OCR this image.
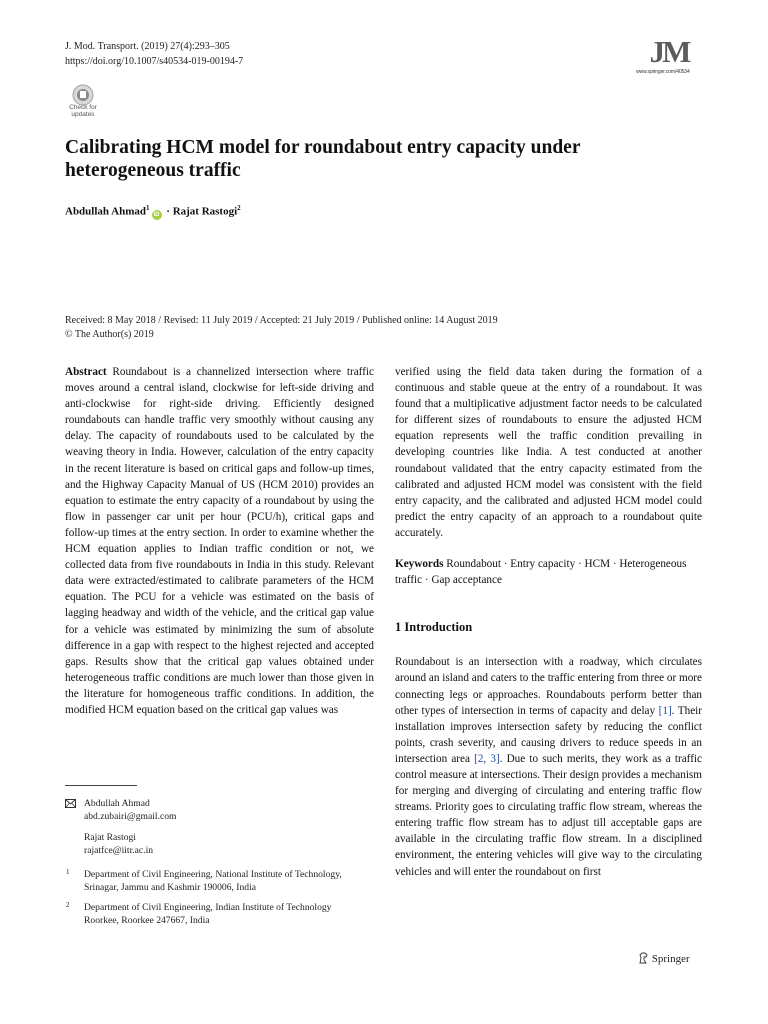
J. Mod. Transport. (2019) 27(4):293–305
https://doi.org/10.1007/s40534-019-00194-7	JM
www.springer.com/40534
Check for updates
Calibrating HCM model for roundabout entry capacity under heterogeneous traffic
Abdullah Ahmad$^1$iD · Rajat Rastogi$^2$
Received: 8 May 2018 / Revised: 11 July 2019 / Accepted: 21 July 2019 / Published online: 14 August 2019
© The Author(s) 2019

Abstract Roundabout is a channelized intersection where traffic moves around a central island, clockwise for left-side driving and anti-clockwise for right-side driving. Efficiently designed roundabouts can handle traffic very smoothly without causing any delay. The capacity of roundabouts used to be calculated by the weaving theory in India. However, calculation of the entry capacity in the recent literature is based on critical gaps and follow-up times, and the Highway Capacity Manual of US (HCM 2010) provides an equation to estimate the entry capacity of a roundabout by using the flow in passenger car unit per hour (PCU/h), critical gaps and follow-up times at the entry section. In order to examine whether the HCM equation applies to Indian traffic condition or not, we collected data from five roundabouts in India in this study. Relevant data were extracted/estimated to calibrate parameters of the HCM equation. The PCU for a vehicle was estimated on the basis of lagging headway and width of the vehicle, and the critical gap value for a vehicle was estimated by minimizing the sum of absolute difference in a gap with respect to the highest rejected and accepted gaps. Results show that the critical gap values obtained under heterogeneous traffic conditions are much lower than those given in the literature for homogeneous traffic conditions. In addition, the modified HCM equation based on the critical gap values was

verified using the field data taken during the formation of a continuous and stable queue at the entry of a roundabout. It was found that a multiplicative adjustment factor needs to be calculated for different sizes of roundabouts to ensure the adjusted HCM equation represents well the traffic condition prevailing in developing countries like India. A test conducted at another roundabout validated that the entry capacity estimated from the calibrated and adjusted HCM model was consistent with the field entry capacity, and the calibrated and adjusted HCM model could predict the entry capacity of an approach to a roundabout quite accurately.

Keywords Roundabout · Entry capacity · HCM · Heterogeneous traffic · Gap acceptance

1 Introduction

Roundabout is an intersection with a roadway, which circulates around an island and caters to the traffic entering from three or more connecting legs or approaches. Roundabouts perform better than other types of intersection in terms of capacity and delay [1]. Their installation improves intersection safety by reducing the conflict points, crash severity, and causing drivers to reduce speeds in an intersection area [2, 3]. Due to such merits, they work as a traffic control measure at intersections. Their design provides a mechanism for merging and diverging of circulating and entering traffic flow streams. Priority goes to circulating traffic flow stream, whereas the entering traffic flow stream has to adjust till acceptable gaps are available in the circulating traffic flow stream. In a disciplined environment, the entering vehicles will give way to the circulating vehicles and will enter the roundabout on first

Abdullah Ahmad
abd.zubairi@gmail.com
Rajat Rastogi
rajatfce@iitr.ac.in
1 Department of Civil Engineering, National Institute of Technology, Srinagar, Jammu and Kashmir 190006, India
2 Department of Civil Engineering, Indian Institute of Technology Roorkee, Roorkee 247667, India
Springer
